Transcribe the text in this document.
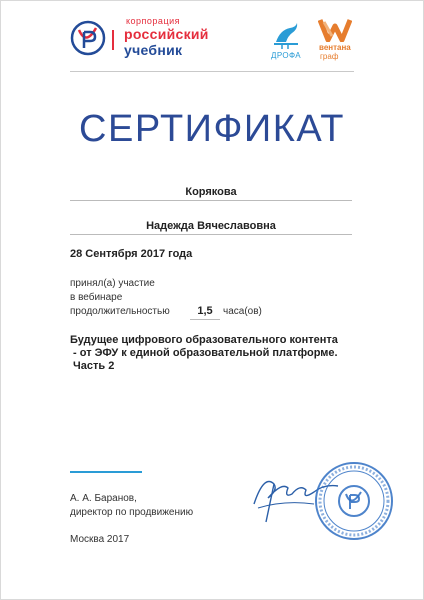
корпорация
российский
учебник	ДРОФА
вентана
граф
СЕРТИФИКАТ
Корякова
Надежда Вячеславовна
28 Сентября 2017 года
принял(а) участие
в вебинаре
продолжительностью	1,5	часа(ов)
Будущее цифрового образовательного контента
- от ЭФУ к единой образовательной платформе.
Часть 2
А. А. Баранов,
директор по продвижению
Москва 2017
